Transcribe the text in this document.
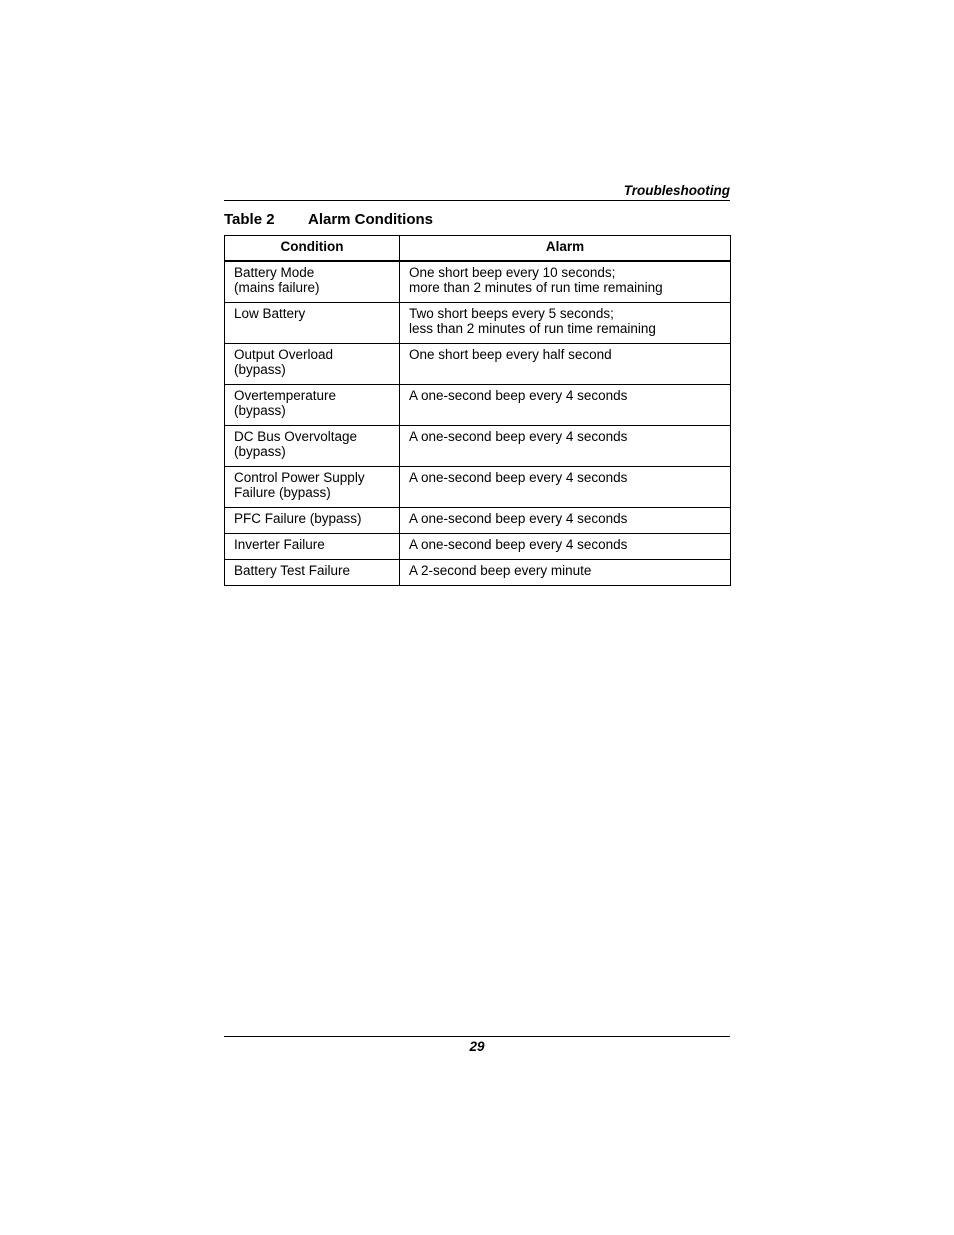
Troubleshooting
Table 2 Alarm Conditions
Condition	Alarm

Battery Mode
(mains failure)	One short beep every 10 seconds;
more than 2 minutes of run time remaining

Low Battery	Two short beeps every 5 seconds;
less than 2 minutes of run time remaining

Output Overload
(bypass)	One short beep every half second

Overtemperature
(bypass)	A one-second beep every 4 seconds

DC Bus Overvoltage
(bypass)	A one-second beep every 4 seconds

Control Power Supply
Failure (bypass)	A one-second beep every 4 seconds

PFC Failure (bypass)	A one-second beep every 4 seconds

Inverter Failure	A one-second beep every 4 seconds

Battery Test Failure	A 2-second beep every minute
29
